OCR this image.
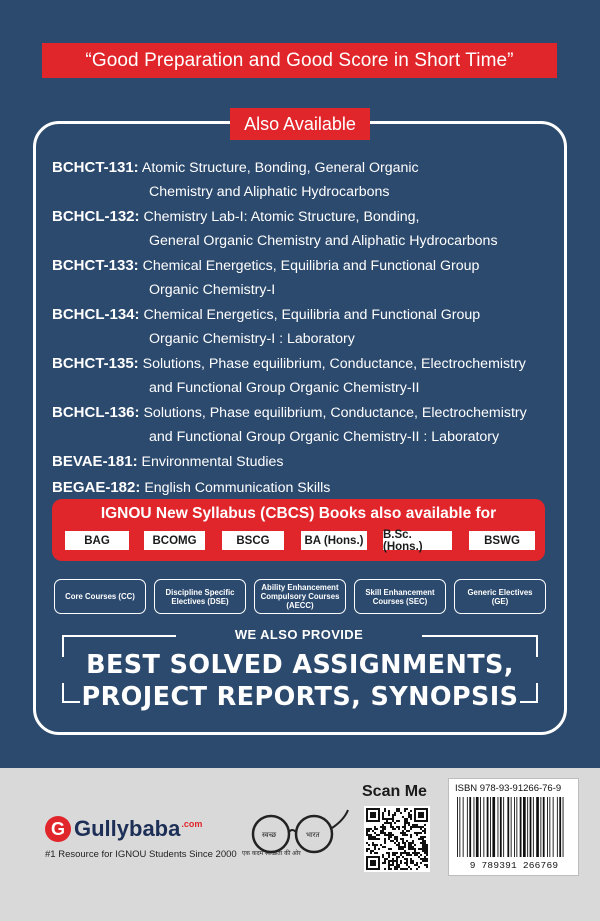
“Good Preparation and Good Score in Short Time”
Also Available
BCHCT-131: Atomic Structure, Bonding, General Organic
Chemistry and Aliphatic Hydrocarbons
BCHCL-132: Chemistry Lab-I: Atomic Structure, Bonding,
General Organic Chemistry and Aliphatic Hydrocarbons
BCHCT-133: Chemical Energetics, Equilibria and Functional Group
Organic Chemistry-I
BCHCL-134: Chemical Energetics, Equilibria and Functional Group
Organic Chemistry-I : Laboratory
BCHCT-135: Solutions, Phase equilibrium, Conductance, Electrochemistry
and Functional Group Organic Chemistry-II
BCHCL-136: Solutions, Phase equilibrium, Conductance, Electrochemistry
and Functional Group Organic Chemistry-II : Laboratory
BEVAE-181: Environmental Studies
BEGAE-182: English Communication Skills
IGNOU New Syllabus (CBCS) Books also available for
BAG	BCOMG	BSCG	BA (Hons.)	B.Sc. (Hons.)	BSWG
Core Courses (CC)	Discipline Specific
Electives (DSE)
Ability Enhancement
Compulsory Courses
(AECC)
Skill Enhancement
Courses (SEC)
Generic Electives
(GE)
WE ALSO PROVIDE
BEST SOLVED ASSIGNMENTS,
PROJECT REPORTS, SYNOPSIS
G Gullybaba .com
#1 Resource for IGNOU Students Since 2000
स्वच्छ	भारत
एक कदम स्वच्छता की ओर
Scan Me	ISBN 978-93-91266-76-9
9 789391 266769
